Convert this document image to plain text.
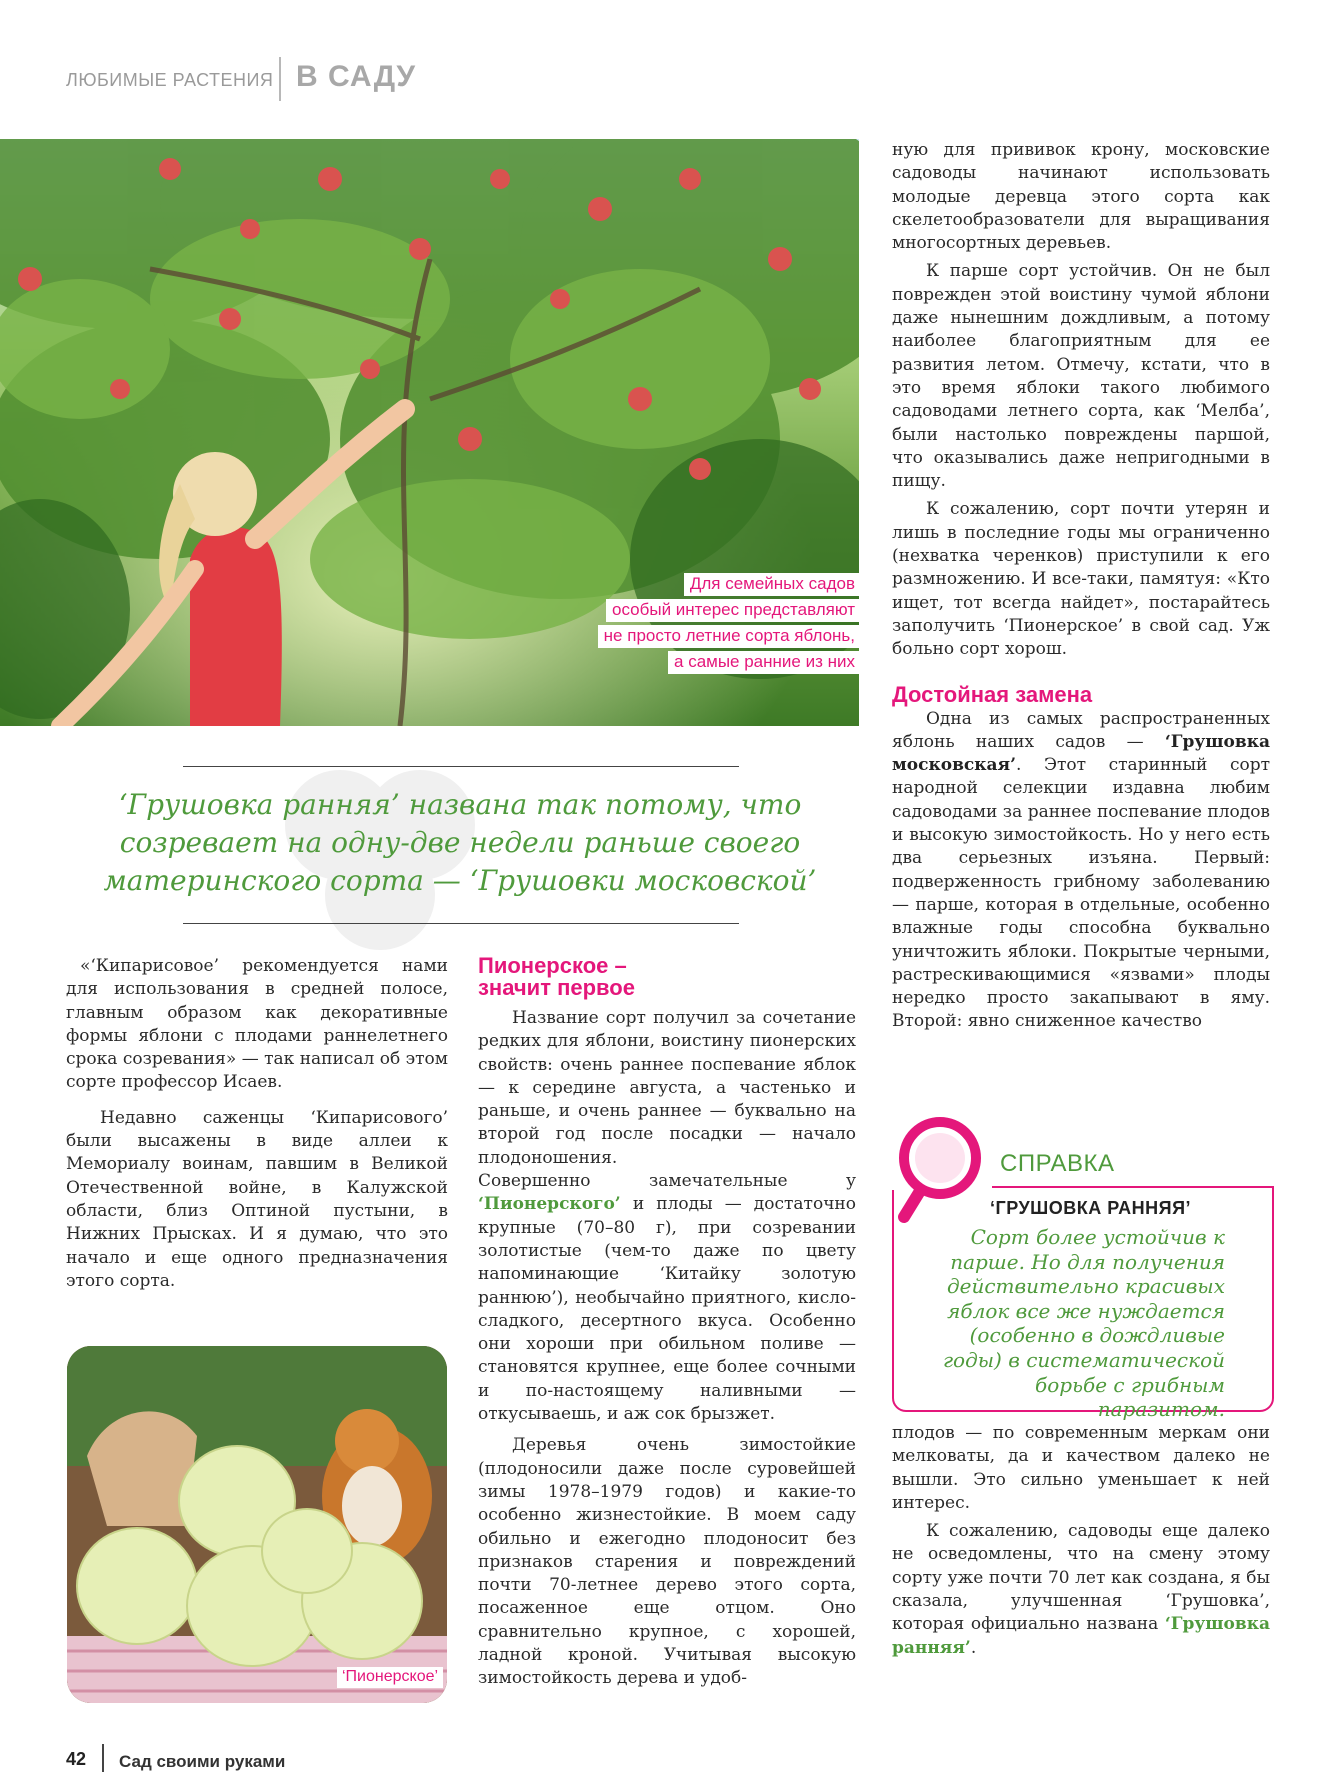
ЛЮБИМЫЕ РАСТЕНИЯ В САДУ
Для семейных садов
особый интерес представляют
не просто летние сорта яблонь,
а самые ранние из них
‘Грушовка ранняя’ названа так потому, что созревает на одну-две недели раньше своего материнского сорта — ‘Грушовки московской’

«‘Кипарисовое’ рекомендуется нами для использования в средней полосе, главным образом как декоративные формы яблони с плодами раннелетнего срока созревания» — так написал об этом сорте профессор Исаев.

Недавно саженцы ‘Кипарисового’ были высажены в виде аллеи к Мемориалу воинам, павшим в Великой Отечественной войне, в Калужской области, близ Оптиной пустыни, в Нижних Прысках. И я думаю, что это начало и еще одного предназначения этого сорта.

‘Пионерское’
Пионерское –
значит первое

Название сорт получил за сочетание редких для яблони, воистину пионерских свойств: очень раннее поспевание яблок — к середине августа, а частенько и раньше, и очень раннее — буквально на второй год после посадки — начало плодоношения.

Совершенно замечательные у ‘Пионерского’ и плоды — достаточно крупные (70–80 г), при созревании золотистые (чем-то даже по цвету напоминающие ‘Китайку золотую раннюю’), необычайно приятного, кисло-сладкого, десертного вкуса. Особенно они хороши при обильном поливе — становятся крупнее, еще более сочными и по-настоящему наливными — откусываешь, и аж сок брызжет.

Деревья очень зимостойкие (плодоносили даже после суровейшей зимы 1978–1979 годов) и какие-то особенно жизнестойкие. В моем саду обильно и ежегодно плодоносит без признаков старения и повреждений почти 70-летнее дерево этого сорта, посаженное еще отцом. Оно сравнительно крупное, с хорошей, ладной кроной. Учитывая высокую зимостойкость дерева и удоб-

ную для прививок крону, московские садоводы начинают использовать молодые деревца этого сорта как скелетообразователи для выращивания многосортных деревьев.

К парше сорт устойчив. Он не был поврежден этой воистину чумой яблони даже нынешним дождливым, а потому наиболее благоприятным для ее развития летом. Отмечу, кстати, что в это время яблоки такого любимого садоводами летнего сорта, как ‘Мелба’, были настолько повреждены паршой, что оказывались даже непригодными в пищу.

К сожалению, сорт почти утерян и лишь в последние годы мы ограниченно (нехватка черенков) приступили к его размножению. И все-таки, памятуя: «Кто ищет, тот всегда найдет», постарайтесь заполучить ‘Пионерское’ в свой сад. Уж больно сорт хорош.

Достойная замена

Одна из самых распространенных яблонь наших садов — ‘Грушовка московская’. Этот старинный сорт народной селекции издавна любим садоводами за раннее поспевание плодов и высокую зимостойкость. Но у него есть два серьезных изъяна. Первый: подверженность грибному заболеванию — парше, которая в отдельные, особенно влажные годы способна буквально уничтожить яблоки. Покрытые черными, растрескивающимися «язвами» плоды нередко просто закапывают в яму. Второй: явно сниженное качество

СПРАВКА
‘ГРУШОВКА РАННЯЯ’
Сорт более устойчив к парше. Но для получения действительно красивых яблок все же нуждается (особенно в дождливые годы) в систематической борьбе с грибным паразитом.

плодов — по современным меркам они мелковаты, да и качеством далеко не вышли. Это сильно уменьшает к ней интерес.

К сожалению, садоводы еще далеко не осведомлены, что на смену этому сорту уже почти 70 лет как создана, я бы сказала, улучшенная ‘Грушовка’, которая официально названа ‘Грушовка ранняя’.

42 Сад своими руками
